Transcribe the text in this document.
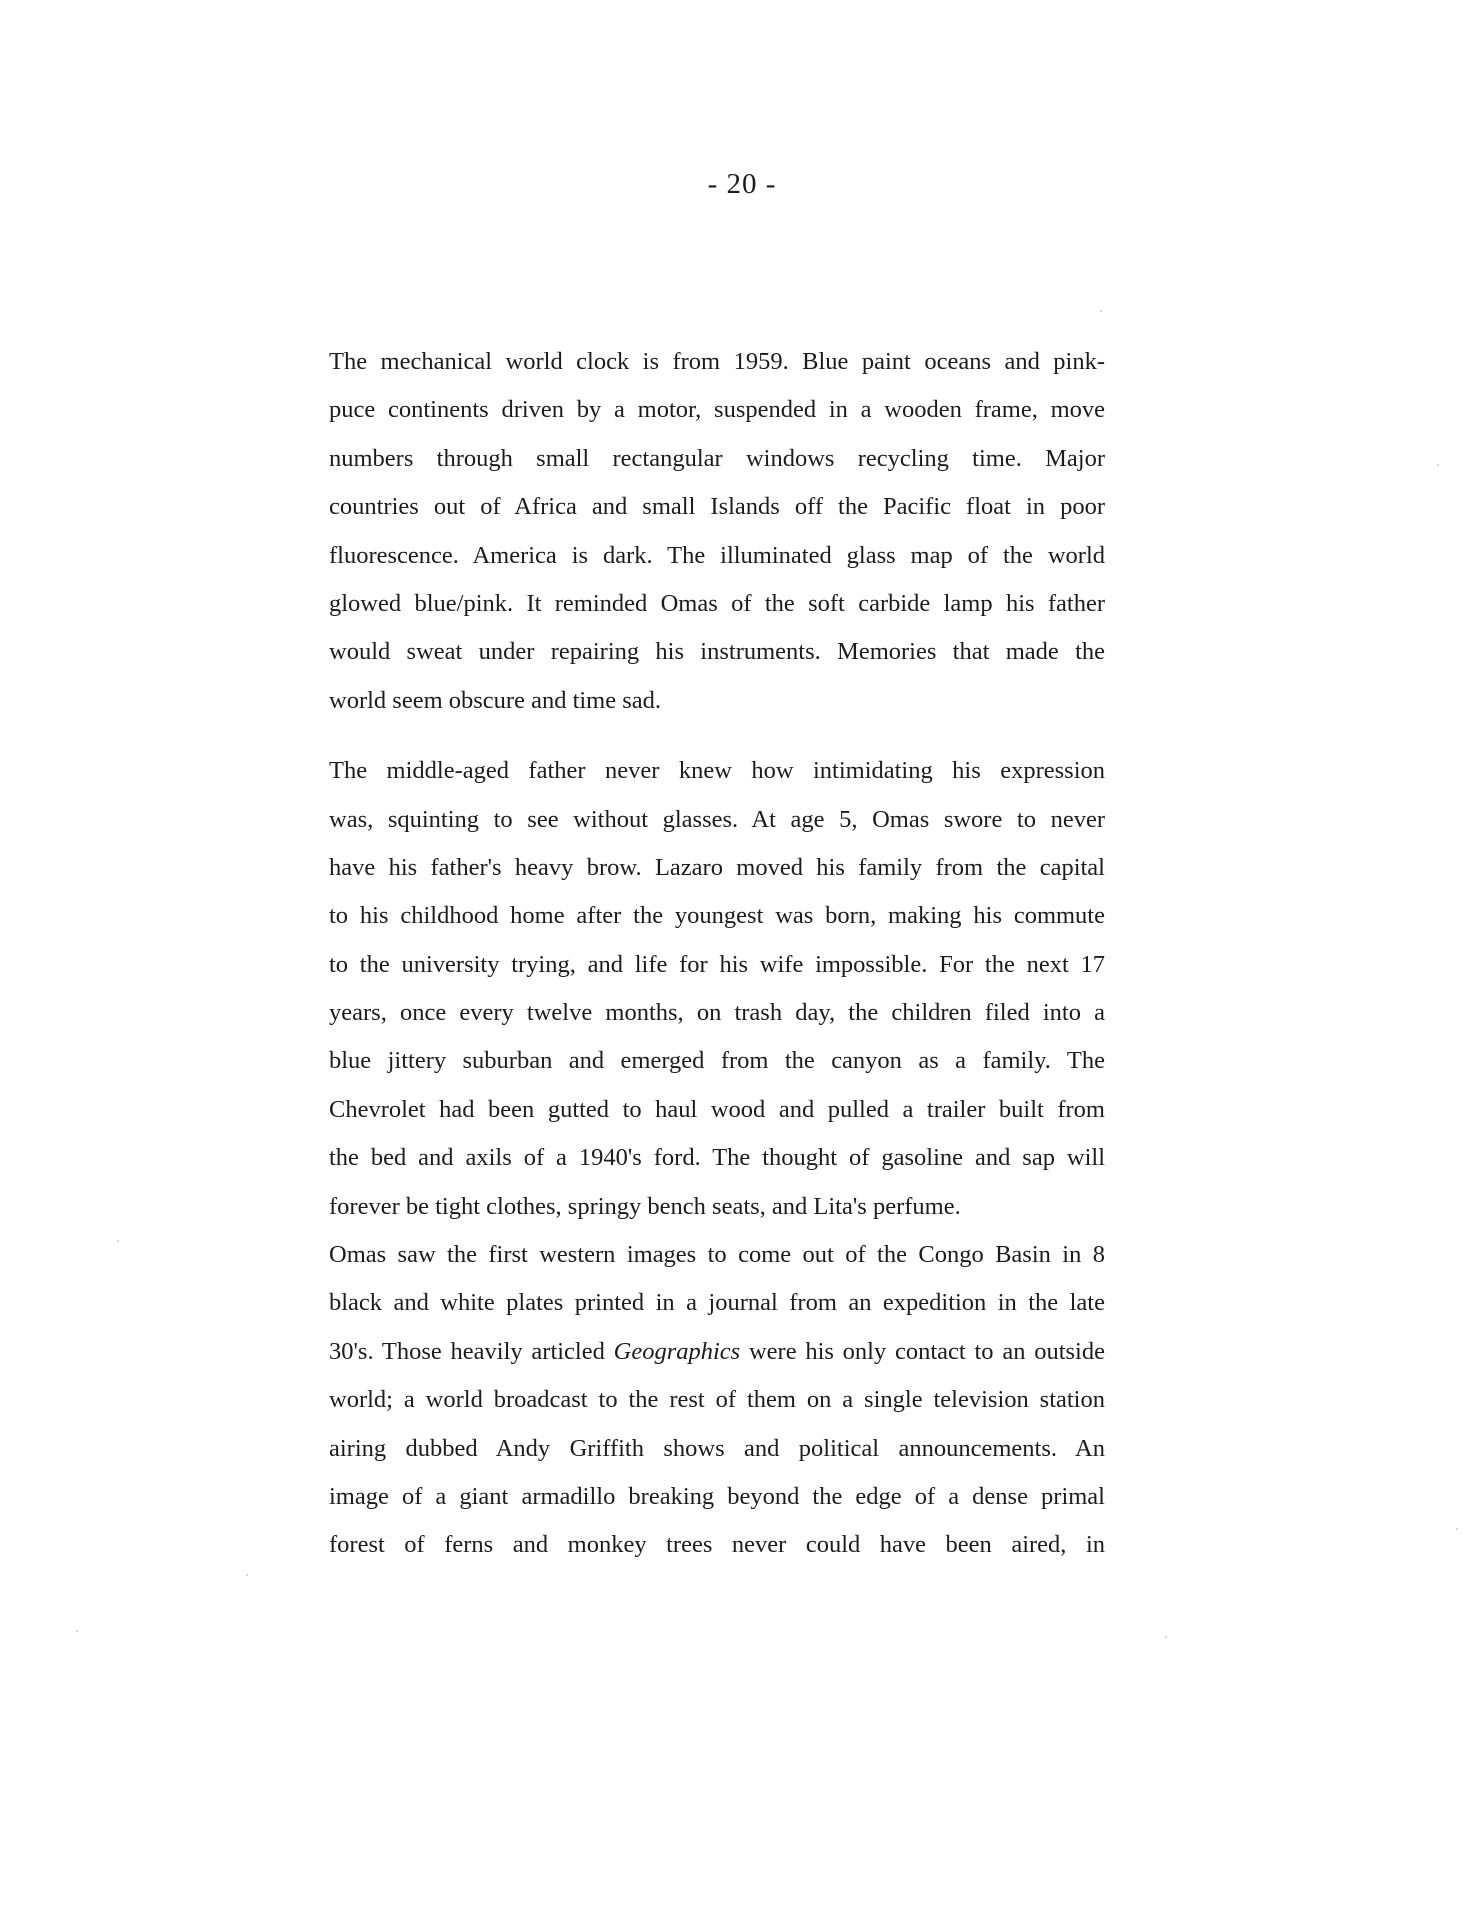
- 20 -
The mechanical world clock is from 1959. Blue paint oceans and pink-
puce continents driven by a motor, suspended in a wooden frame, move
numbers through small rectangular windows recycling time. Major
countries out of Africa and small Islands off the Pacific float in poor
fluorescence. America is dark. The illuminated glass map of the world
glowed blue/pink. It reminded Omas of the soft carbide lamp his father
would sweat under repairing his instruments. Memories that made the
world seem obscure and time sad.
The middle-aged father never knew how intimidating his expression
was, squinting to see without glasses. At age 5, Omas swore to never
have his father's heavy brow. Lazaro moved his family from the capital
to his childhood home after the youngest was born, making his commute
to the university trying, and life for his wife impossible. For the next 17
years, once every twelve months, on trash day, the children filed into a
blue jittery suburban and emerged from the canyon as a family. The
Chevrolet had been gutted to haul wood and pulled a trailer built from
the bed and axils of a 1940's ford. The thought of gasoline and sap will
forever be tight clothes, springy bench seats, and Lita's perfume.
Omas saw the first western images to come out of the Congo Basin in 8
black and white plates printed in a journal from an expedition in the late
30's. Those heavily articled Geographics were his only contact to an outside
world; a world broadcast to the rest of them on a single television station
airing dubbed Andy Griffith shows and political announcements. An
image of a giant armadillo breaking beyond the edge of a dense primal
forest of ferns and monkey trees never could have been aired, in
